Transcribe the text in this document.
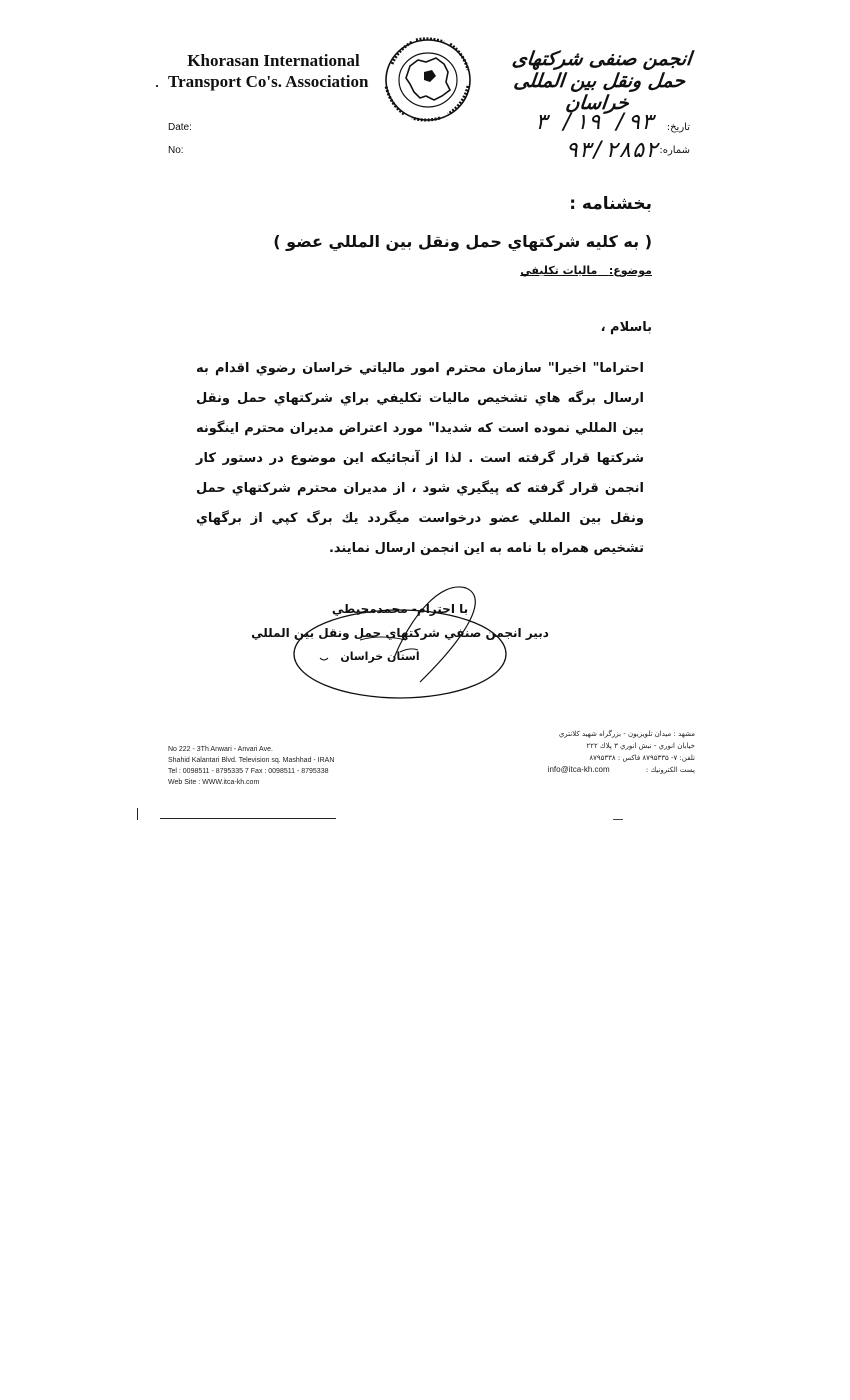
Khorasan International
Transport Co's. Association
انجمن صنفی شرکتهای حمل ونقل بین المللی خراسان
Date:
No:
تاریخ:
شماره:
۹۳/ ۱۹/ ۳
۹۳/۲۸۵۲
بخشنامه :
( به كليه شركتهاي حمل ونقل بين المللي عضو )
موضوع:   ماليات تكليفي
باسلام ،
احتراما" اخيرا" سازمان محترم امور مالياتي خراسان رضوي اقدام به ارسال برگه هاي تشخيص ماليات تكليفي براي شركتهاي حمل ونقل بين المللي نموده است كه شديدا" مورد اعتراض مديران محترم اينگونه شركتها قرار گرفته است . لذا از آنجائيكه اين موضوع در دستور كار انجمن قرار گرفته كه پيگيري شود ، از مديران محترم شركتهاي حمل ونقل بين المللي عضو درخواست ميگردد يك برگ كپي از برگهاي تشخيص همراه با نامه به اين انجمن ارسال نمايند.
با احترام- محمدمحيطي
دبير انجمن صنفي شركتهاي حمل ونقل بين المللي
استان خراسان
No 222 - 3Th Anwari - Anvari Ave.
Shahid Kalantari Blvd. Television sq. Mashhad - IRAN
Tel : 0098511 - 8795335 7 Fax : 0098511 - 8795338
Web Site : WWW.itca-kh.com
مشهد : ميدان تلويزيون - بزرگراه شهيد كلانتري
خيابان انوري - نبش انوري ۳ پلاك ۲۲۲
تلفن: ۷- ۸۷۹۵۳۳۵ فاكس : ۸۷۹۵۳۳۸
پست الكترونيك : info@itca-kh.com
